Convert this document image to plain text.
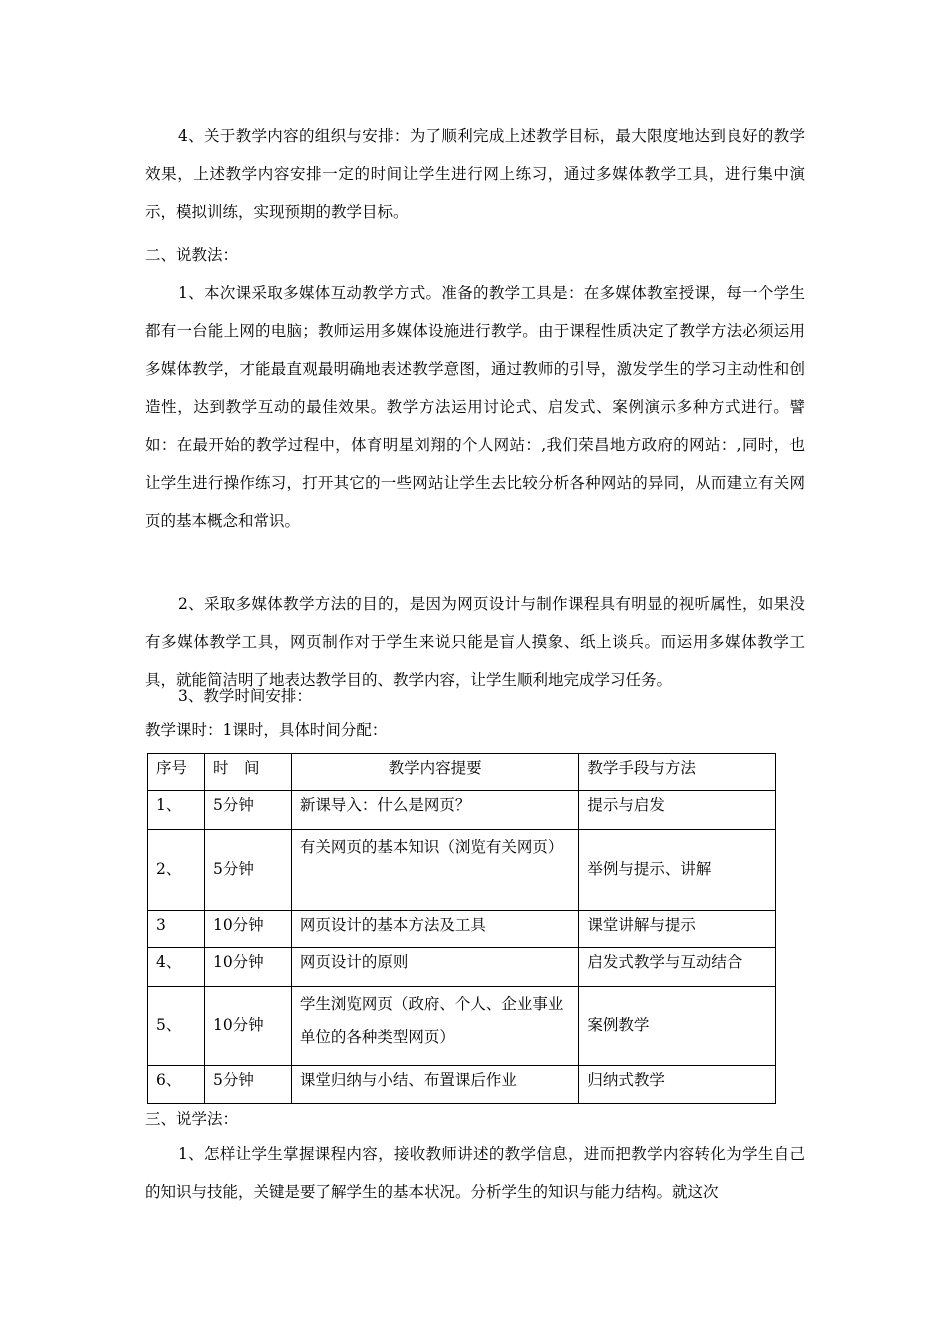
4、关于教学内容的组织与安排：为了顺利完成上述教学目标，最大限度地达到良好的教学效果，上述教学内容安排一定的时间让学生进行网上练习，通过多媒体教学工具，进行集中演示，模拟训练，实现预期的教学目标。
二、说教法：
1、本次课采取多媒体互动教学方式。准备的教学工具是：在多媒体教室授课，每一个学生都有一台能上网的电脑；教师运用多媒体设施进行教学。由于课程性质决定了教学方法必须运用多媒体教学，才能最直观最明确地表述教学意图，通过教师的引导，激发学生的学习主动性和创造性，达到教学互动的最佳效果。教学方法运用讨论式、启发式、案例演示多种方式进行。譬如：在最开始的教学过程中，体育明星刘翔的个人网站：,我们荣昌地方政府的网站：,同时，也让学生进行操作练习，打开其它的一些网站让学生去比较分析各种网站的异同，从而建立有关网页的基本概念和常识。
2、采取多媒体教学方法的目的，是因为网页设计与制作课程具有明显的视听属性，如果没有多媒体教学工具，网页制作对于学生来说只能是盲人摸象、纸上谈兵。而运用多媒体教学工具，就能简洁明了地表达教学目的、教学内容，让学生顺利地完成学习任务。
3、教学时间安排：
教学课时：1课时，具体时间分配：
序号	时　间	教学内容提要	教学手段与方法
1、	5分钟	新课导入：什么是网页？	提示与启发
2、	5分钟	有关网页的基本知识（浏览有关网页）	举例与提示、讲解
3	10分钟	网页设计的基本方法及工具	课堂讲解与提示
4、	10分钟	网页设计的原则	启发式教学与互动结合
5、	10分钟	学生浏览网页（政府、个人、企业事业单位的各种类型网页）	案例教学
6、	5分钟	课堂归纳与小结、布置课后作业	归纳式教学
三、说学法：
1、怎样让学生掌握课程内容，接收教师讲述的教学信息，进而把教学内容转化为学生自己的知识与技能，关键是要了解学生的基本状况。分析学生的知识与能力结构。就这次
